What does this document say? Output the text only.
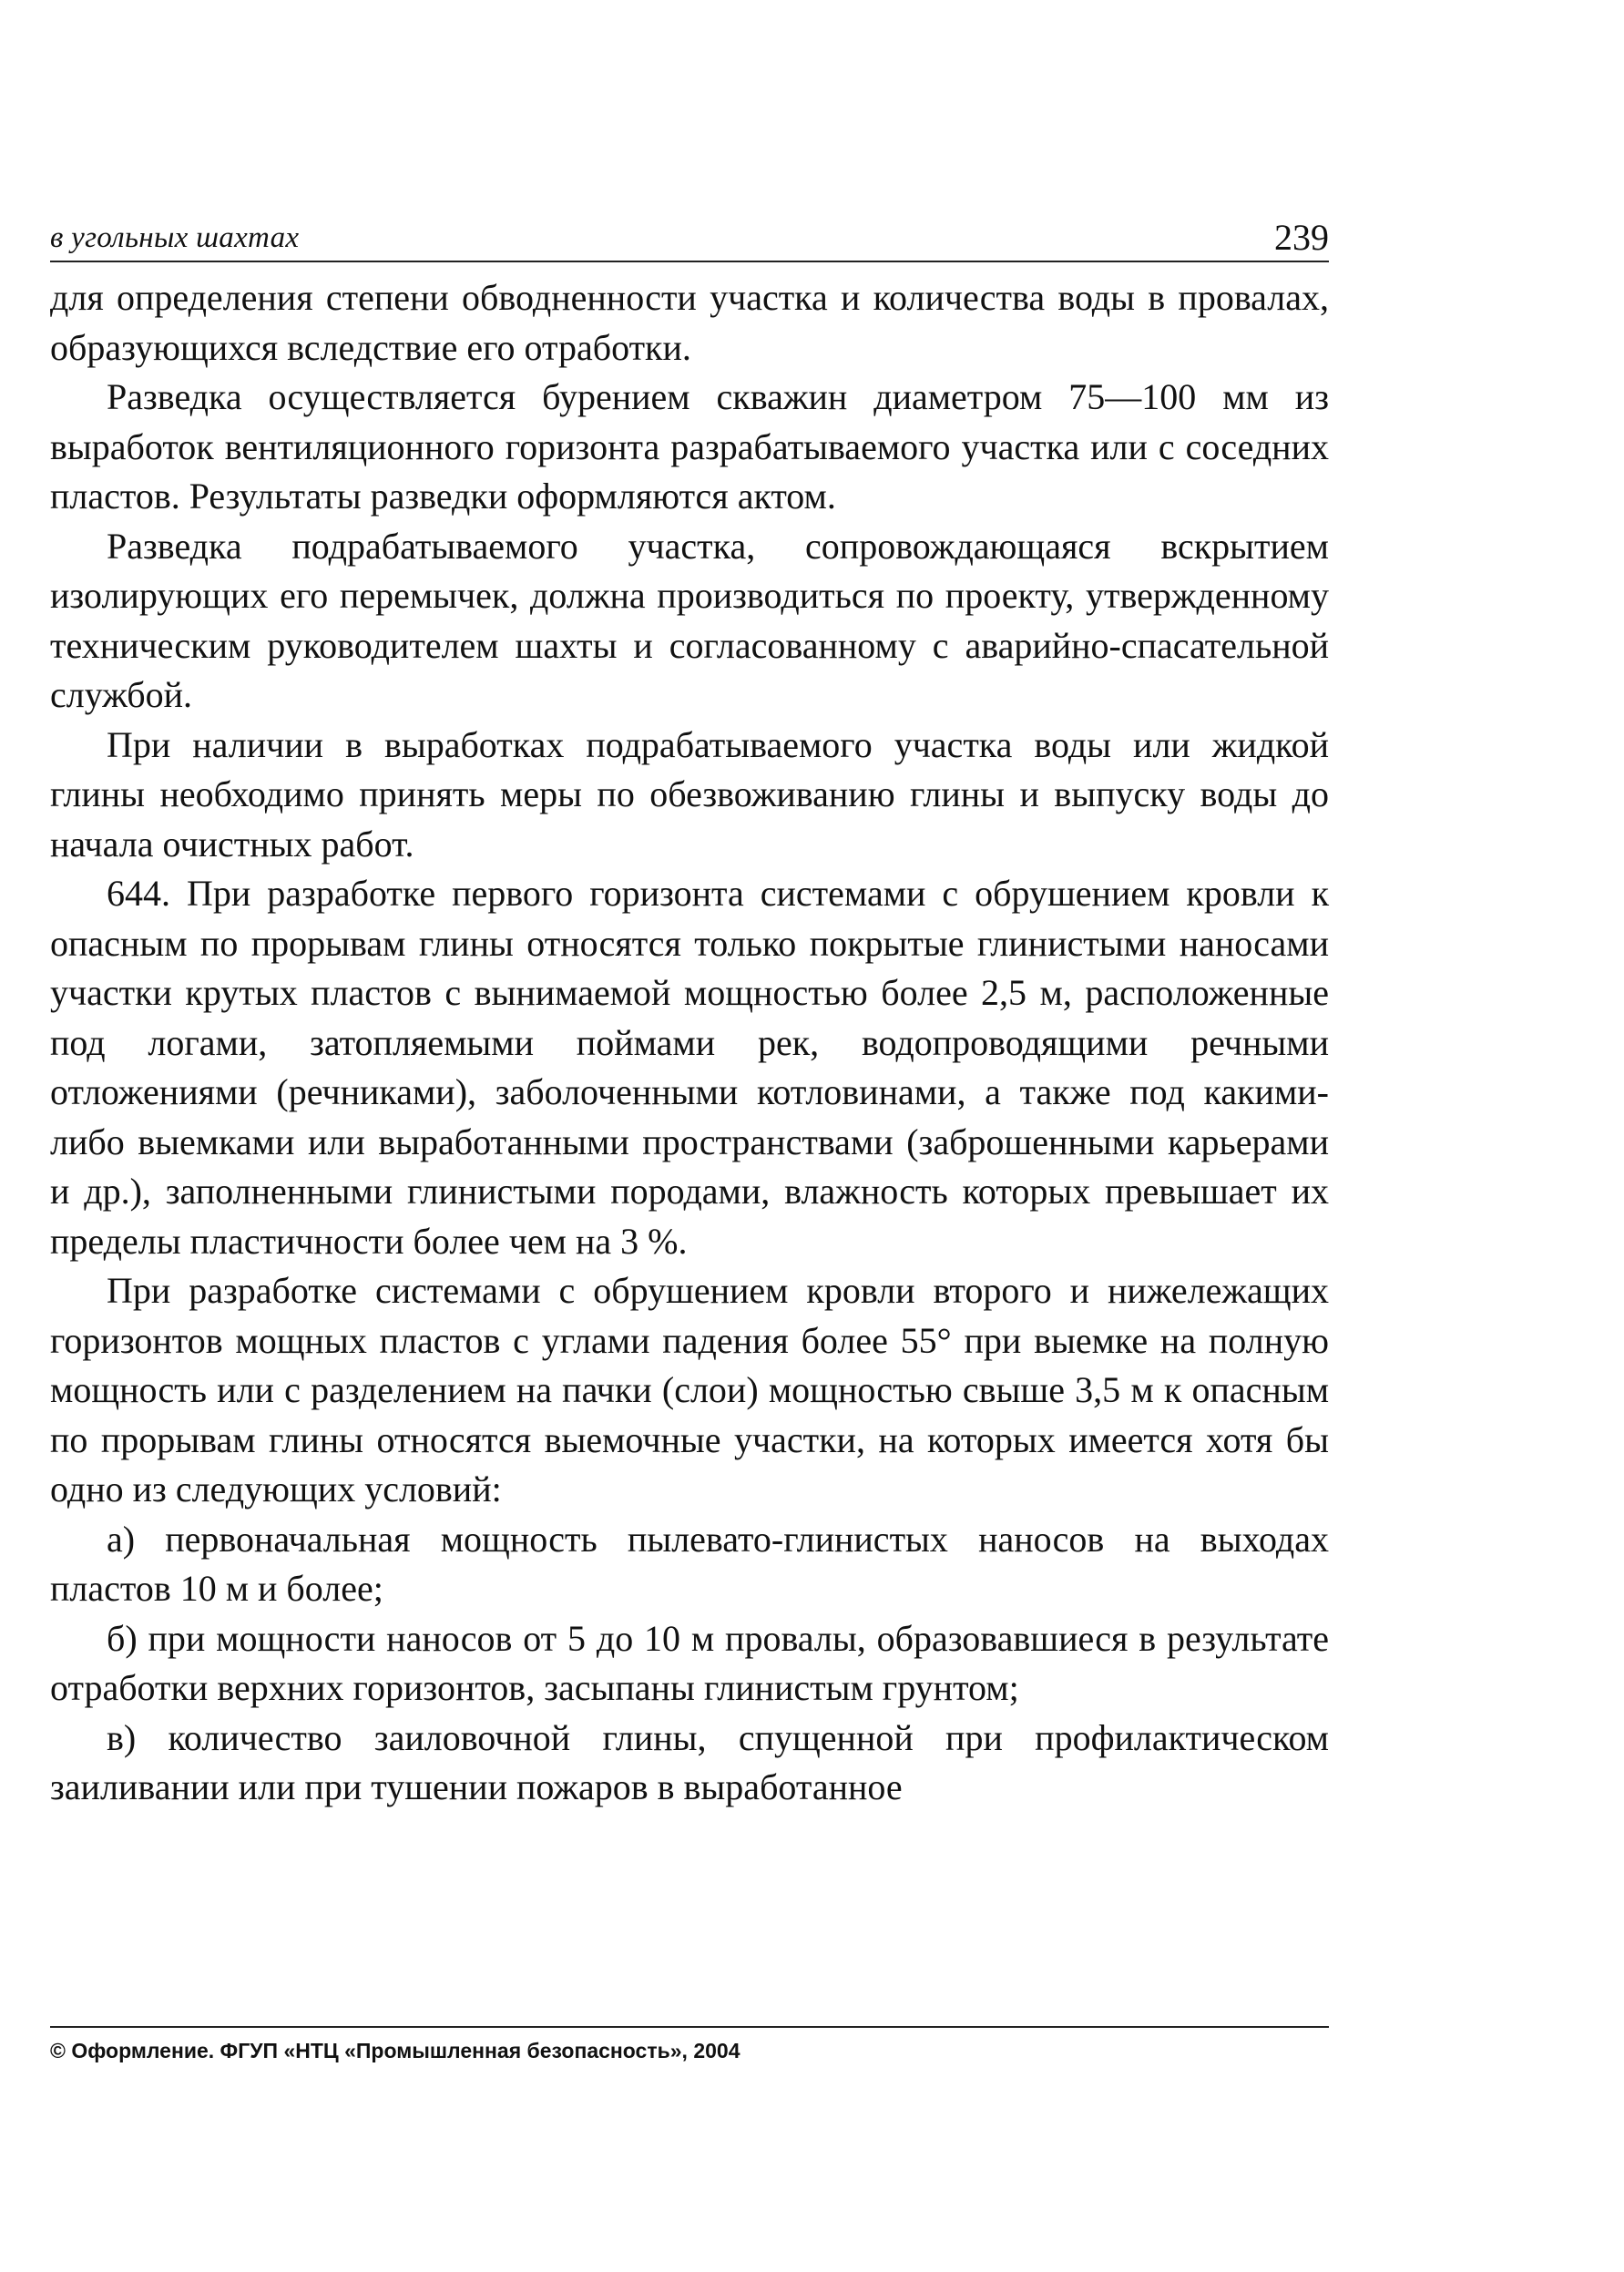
в угольных шахтах	239

для определения степени обводненности участка и количества воды в провалах, образующихся вследствие его отработки.

Разведка осуществляется бурением скважин диаметром 75—100 мм из выработок вентиляционного горизонта разрабатываемого участка или с соседних пластов. Результаты разведки оформляются актом.

Разведка подрабатываемого участка, сопровождающаяся вскрытием изолирующих его перемычек, должна производиться по проекту, утвержденному техническим руководителем шахты и согласованному с аварийно-спасательной службой.

При наличии в выработках подрабатываемого участка воды или жидкой глины необходимо принять меры по обезвоживанию глины и выпуску воды до начала очистных работ.

644. При разработке первого горизонта системами с обрушением кровли к опасным по прорывам глины относятся только покрытые глинистыми наносами участки крутых пластов с вынимаемой мощностью более 2,5 м, расположенные под логами, затопляемыми поймами рек, водопроводящими речными отложениями (речниками), заболоченными котловинами, а также под какими-либо выемками или выработанными пространствами (заброшенными карьерами и др.), заполненными глинистыми породами, влажность которых превышает их пределы пластичности более чем на 3 %.

При разработке системами с обрушением кровли второго и нижележащих горизонтов мощных пластов с углами падения более 55° при выемке на полную мощность или с разделением на пачки (слои) мощностью свыше 3,5 м к опасным по прорывам глины относятся выемочные участки, на которых имеется хотя бы одно из следующих условий:

а) первоначальная мощность пылевато-глинистых наносов на выходах пластов 10 м и более;

б) при мощности наносов от 5 до 10 м провалы, образовавшиеся в результате отработки верхних горизонтов, засыпаны глинистым грунтом;

в) количество заиловочной глины, спущенной при профилактическом заиливании или при тушении пожаров в выработанное

© Оформление. ФГУП «НТЦ «Промышленная безопасность», 2004
